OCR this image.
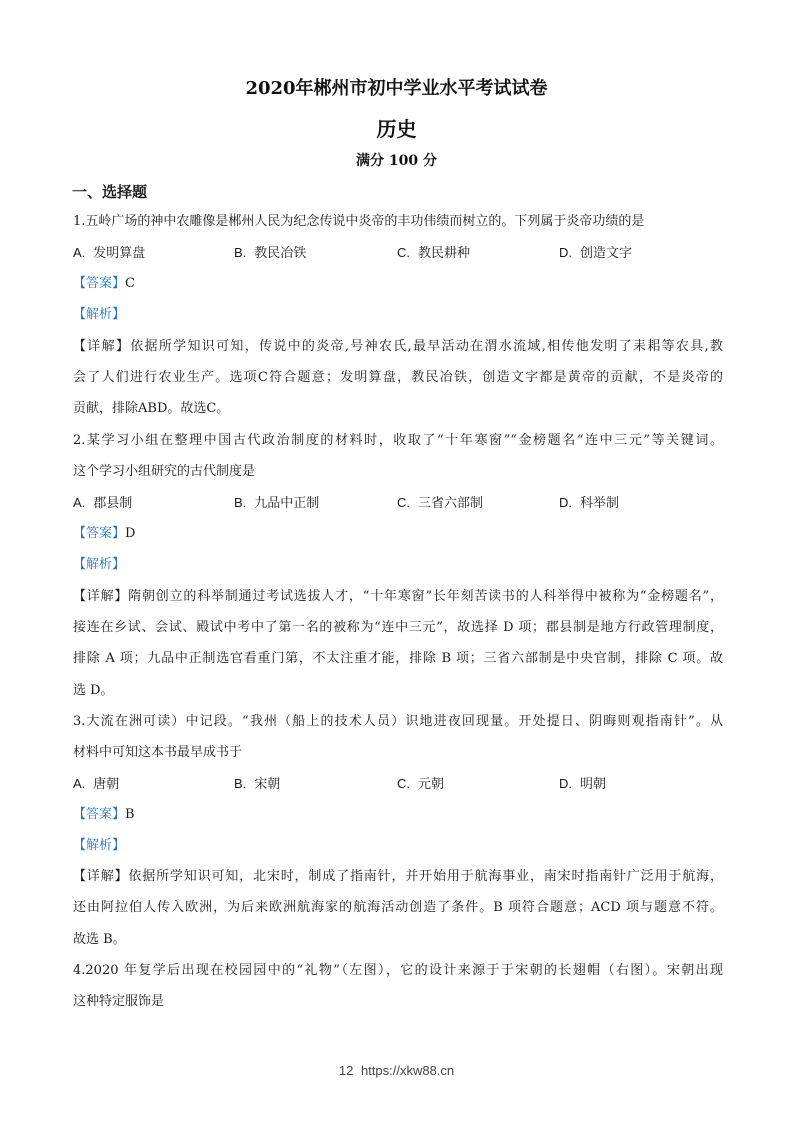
2020年郴州市初中学业水平考试试卷
历史
满分 100 分
一、选择题
1.五岭广场的神中农雕像是郴州人民为纪念传说中炎帝的丰功伟绩而树立的。下列属于炎帝功绩的是
A. 发明算盘	B. 教民冶铁	C. 教民耕种	D. 创造文字
【答案】C
【解析】
【详解】依据所学知识可知，传说中的炎帝,号神农氏,最早活动在渭水流域,相传他发明了耒耜等农具,教
会了人们进行农业生产。选项C符合题意；发明算盘，教民冶铁，创造文字都是黄帝的贡献，不是炎帝的
贡献，排除ABD。故选C。
2.某学习小组在整理中国古代政治制度的材料时，收取了“十年寒窗”“金榜题名“连中三元”等关键词。
这个学习小组研究的古代制度是
A. 郡县制	B. 九品中正制	C. 三省六部制	D. 科举制
【答案】D
【解析】
【详解】隋朝创立的科举制通过考试选拔人才，“十年寒窗”长年刻苦读书的人科举得中被称为“金榜题名”，
接连在乡试、会试、殿试中考中了第一名的被称为“连中三元”，故选择 D 项；郡县制是地方行政管理制度，
排除 A 项；九品中正制选官看重门第，不太注重才能，排除 B 项；三省六部制是中央官制，排除 C 项。故
选 D。
3.大流在洲可读）中记段。“我州（船上的技术人员）识地进夜回现量。开处提日、阴晦则观指南针”。从
材料中可知这本书最早成书于
A. 唐朝	B. 宋朝	C. 元朝	D. 明朝
【答案】B
【解析】
【详解】依据所学知识可知，北宋时，制成了指南针，并开始用于航海事业，南宋时指南针广泛用于航海，
还由阿拉伯人传入欧洲，为后来欧洲航海家的航海活动创造了条件。B 项符合题意；ACD 项与题意不符。
故选 B。
4.2020 年复学后出现在校园园中的“礼物”（左图），它的设计来源于于宋朝的长翅帽（右图）。宋朝出现
这种特定服饰是
12 https://xkw88.cn
